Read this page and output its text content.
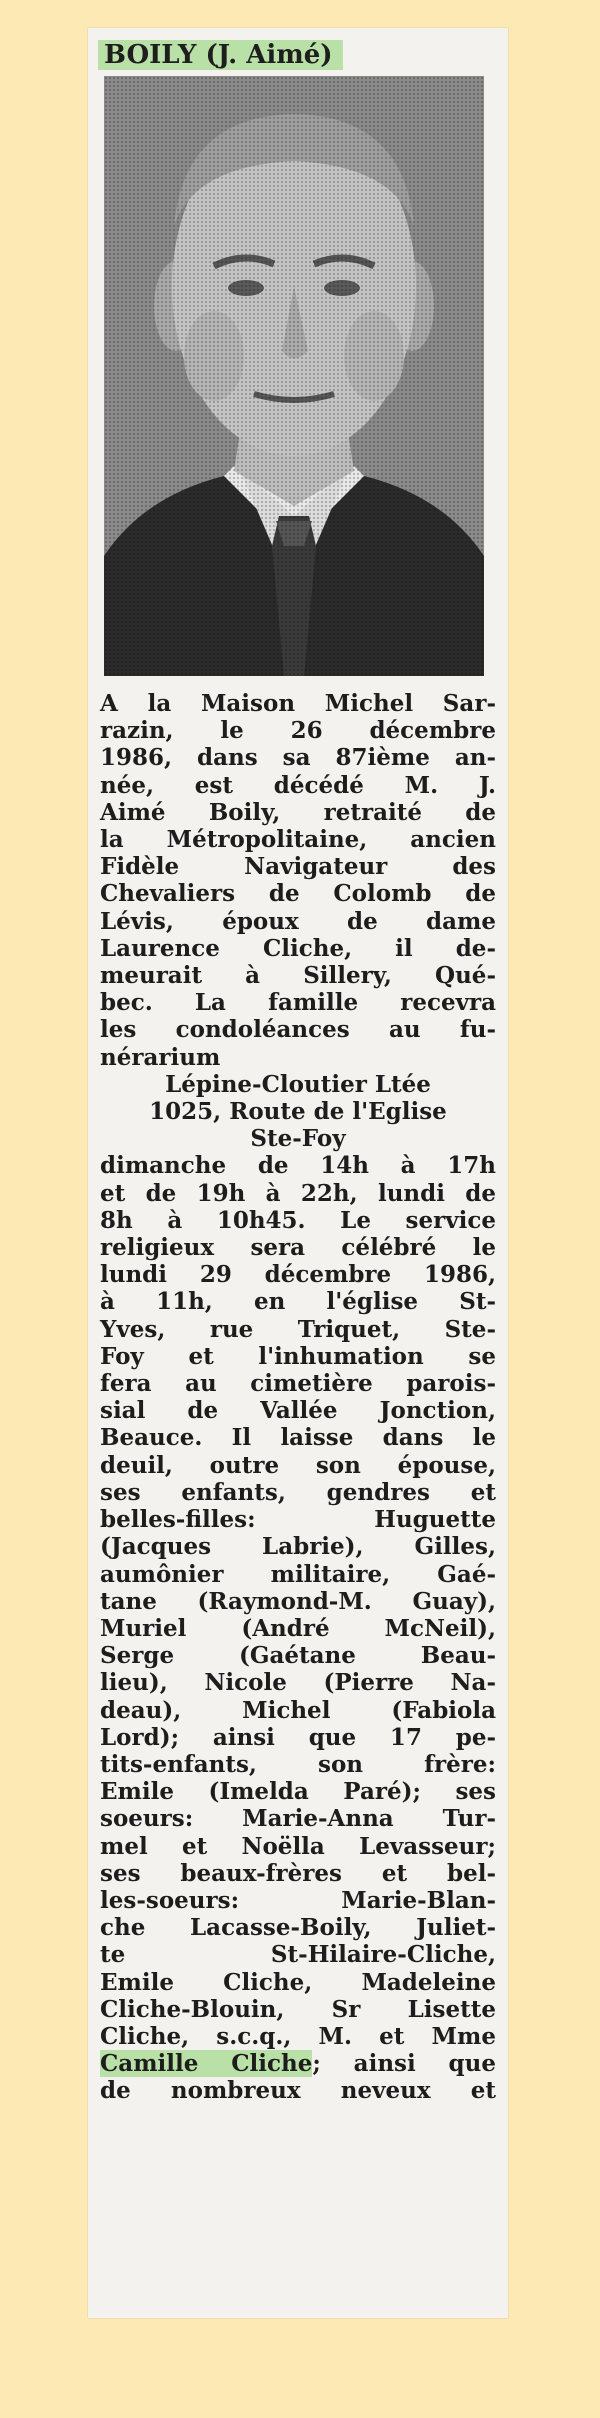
BOILY (J. Aimé)
A la Maison Michel Sar-
razin, le 26 décembre
1986, dans sa 87ième an-
née, est décédé M. J.
Aimé Boily, retraité de
la Métropolitaine, ancien
Fidèle Navigateur des
Chevaliers de Colomb de
Lévis, époux de dame
Laurence Cliche, il de-
meurait à Sillery, Qué-
bec. La famille recevra
les condoléances au fu-
nérarium
Lépine-Cloutier Ltée
1025, Route de l'Eglise
Ste-Foy
dimanche de 14h à 17h
et de 19h à 22h, lundi de
8h à 10h45. Le service
religieux sera célébré le
lundi 29 décembre 1986,
à 11h, en l'église St-
Yves, rue Triquet, Ste-
Foy et l'inhumation se
fera au cimetière parois-
sial de Vallée Jonction,
Beauce. Il laisse dans le
deuil, outre son épouse,
ses enfants, gendres et
belles-filles: Huguette
(Jacques Labrie), Gilles,
aumônier militaire, Gaé-
tane (Raymond-M. Guay),
Muriel (André McNeil),
Serge (Gaétane Beau-
lieu), Nicole (Pierre Na-
deau), Michel (Fabiola
Lord); ainsi que 17 pe-
tits-enfants, son frère:
Emile (Imelda Paré); ses
soeurs: Marie-Anna Tur-
mel et Noëlla Levasseur;
ses beaux-frères et bel-
les-soeurs: Marie-Blan-
che Lacasse-Boily, Juliet-
te St-Hilaire-Cliche,
Emile Cliche, Madeleine
Cliche-Blouin, Sr Lisette
Cliche, s.c.q., M. et Mme
Camille Cliche; ainsi que
de nombreux neveux et
